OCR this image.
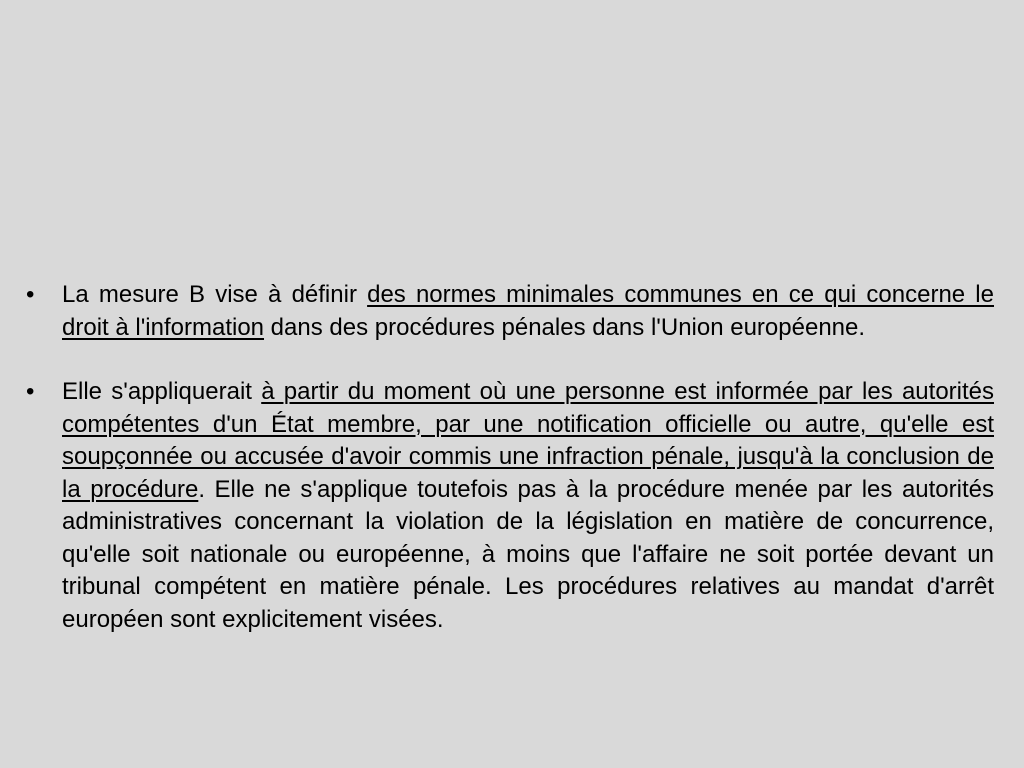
•	La mesure B vise à définir des normes minimales communes en ce qui concerne le droit à l'information dans des procédures pénales dans l'Union européenne.
•	Elle s'appliquerait à partir du moment où une personne est informée par les autorités compétentes d'un État membre, par une notification officielle ou autre, qu'elle est soupçonnée ou accusée d'avoir commis une infraction pénale, jusqu'à la conclusion de la procédure. Elle ne s'applique toutefois pas à la procédure menée par les autorités administratives concernant la violation de la législation en matière de concurrence, qu'elle soit nationale ou européenne, à moins que l'affaire ne soit portée devant un tribunal compétent en matière pénale. Les procédures relatives au mandat d'arrêt européen sont explicitement visées.
